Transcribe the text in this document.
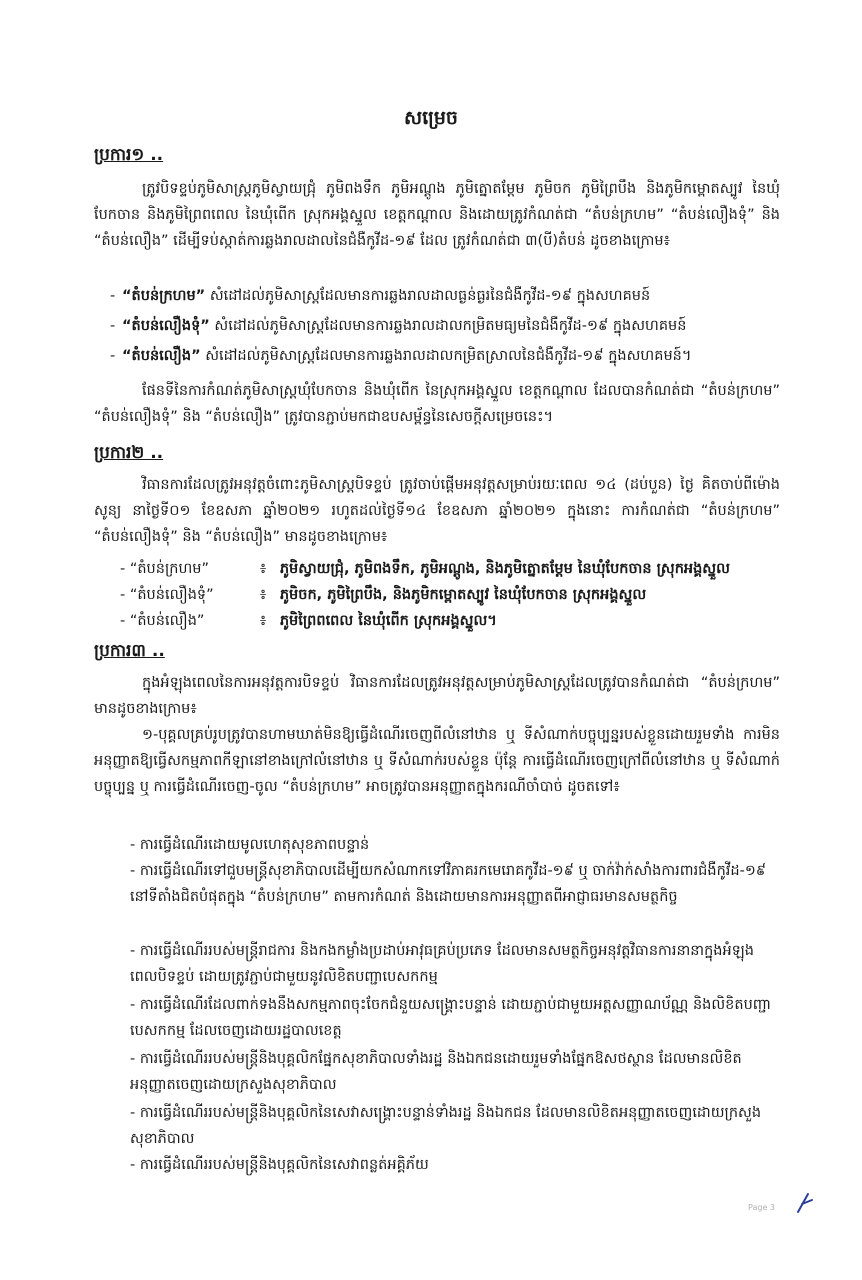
សម្រេច
ប្រការ១ ..
ត្រូវបិទខ្ទប់ភូមិសាស្ត្រភូមិស្វាយជ្រុំ ភូមិពងទឹក ភូមិអណ្ដូង ភូមិត្នោតម្ដែម ភូមិចក ភូមិព្រៃបឹង និងភូមិកម្ពោតស្បូវ នៃឃុំបែកចាន និងភូមិព្រៃពពេល នៃឃុំពើក ស្រុកអង្គស្នួល ខេត្តកណ្ដាល និងដោយត្រូវកំណត់ជា “តំបន់ក្រហម” “តំបន់លឿងទុំ” និង “តំបន់លឿង” ដើម្បីទប់ស្កាត់ការឆ្លងរាលដាលនៃជំងឺកូវីដ-១៩ ដែល ត្រូវកំណត់ជា ៣(បី)តំបន់ ដូចខាងក្រោម៖
- “តំបន់ក្រហម” សំដៅដល់ភូមិសាស្ត្រដែលមានការឆ្លងរាលដាលធ្ងន់ធ្ងរនៃជំងឺកូវីដ-១៩ ក្នុងសហគមន៍
- “តំបន់លឿងទុំ” សំដៅដល់ភូមិសាស្ត្រដែលមានការឆ្លងរាលដាលកម្រិតមធ្យមនៃជំងឺកូវីដ-១៩ ក្នុងសហគមន៍
- “តំបន់លឿង” សំដៅដល់ភូមិសាស្ត្រដែលមានការឆ្លងរាលដាលកម្រិតស្រាលនៃជំងឺកូវីដ-១៩ ក្នុងសហគមន៍។
ផែនទីនៃការកំណត់ភូមិសាស្ត្រឃុំបែកចាន និងឃុំពើក នៃស្រុកអង្គស្នួល ខេត្តកណ្ដាល ដែលបានកំណត់ជា “តំបន់ក្រហម” “តំបន់លឿងទុំ” និង “តំបន់លឿង” ត្រូវបានភ្ជាប់មកជាឧបសម្ព័ន្ធនៃសេចក្ដីសម្រេចនេះ។
ប្រការ២ ..
វិធានការដែលត្រូវអនុវត្តចំពោះភូមិសាស្ត្របិទខ្ទប់ ត្រូវចាប់ផ្ដើមអនុវត្តសម្រាប់រយៈពេល ១៤ (ដប់បួន) ថ្ងៃ គិតចាប់ពីម៉ោងសូន្យ នាថ្ងៃទី០១ ខែឧសភា ឆ្នាំ២០២១ រហូតដល់ថ្ងៃទី១៤ ខែឧសភា ឆ្នាំ២០២១ ក្នុងនោះ ការកំណត់ជា “តំបន់ក្រហម” “តំបន់លឿងទុំ” និង “តំបន់លឿង” មានដូចខាងក្រោម៖
- “តំបន់ក្រហម”	៖ ភូមិស្វាយជ្រុំ, ភូមិពងទឹក, ភូមិអណ្ដូង, និងភូមិត្នោតម្ដែម នៃឃុំបែកចាន ស្រុកអង្គស្នួល
- “តំបន់លឿងទុំ”	៖ ភូមិចក, ភូមិព្រៃបឹង, និងភូមិកម្ពោតស្បូវ នៃឃុំបែកចាន ស្រុកអង្គស្នួល
- “តំបន់លឿង”	៖ ភូមិព្រៃពពេល នៃឃុំពើក ស្រុកអង្គស្នួល។
ប្រការ៣ ..
ក្នុងអំឡុងពេលនៃការអនុវត្តការបិទខ្ទប់ វិធានការដែលត្រូវអនុវត្តសម្រាប់ភូមិសាស្ត្រដែលត្រូវបានកំណត់ជា “តំបន់ក្រហម” មានដូចខាងក្រោម៖
១-បុគ្គលគ្រប់រូបត្រូវបានហាមឃាត់មិនឱ្យធ្វើដំណើរចេញពីលំនៅឋាន ឬ ទីសំណាក់បច្ចុប្បន្នរបស់ខ្លួនដោយរួមទាំង ការមិនអនុញ្ញាតឱ្យធ្វើសកម្មភាពកីឡានៅខាងក្រៅលំនៅឋាន ឬ ទីសំណាក់របស់ខ្លួន ប៉ុន្តែ ការធ្វើដំណើរចេញក្រៅពីលំនៅឋាន ឬ ទីសំណាក់បច្ចុប្បន្ន ឬ ការធ្វើដំណើរចេញ-ចូល “តំបន់ក្រហម” អាចត្រូវបានអនុញ្ញាតក្នុងករណីចាំបាច់ ដូចតទៅ៖
- ការធ្វើដំណើរដោយមូលហេតុសុខភាពបន្ទាន់
- ការធ្វើដំណើរទៅជួបមន្ត្រីសុខាភិបាលដើម្បីយកសំណាកទៅវិភាគរកមេរោគកូវីដ-១៩ ឬ ចាក់វ៉ាក់សាំងការពារជំងឺកូវីដ-១៩ នៅទីតាំងជិតបំផុតក្នុង “តំបន់ក្រហម” តាមការកំណត់ និងដោយមានការអនុញ្ញាតពីអាជ្ញាធរមានសមត្ថកិច្ច
- ការធ្វើដំណើររបស់មន្ត្រីរាជការ និងកងកម្លាំងប្រដាប់អាវុធគ្រប់ប្រភេទ ដែលមានសមត្ថកិច្ចអនុវត្តវិធានការនានាក្នុងអំឡុងពេលបិទខ្ទប់ ដោយត្រូវភ្ជាប់ជាមួយនូវលិខិតបញ្ជាបេសកកម្ម
- ការធ្វើដំណើរដែលពាក់ទងនឹងសកម្មភាពចុះចែកជំនួយសង្គ្រោះបន្ទាន់ ដោយភ្ជាប់ជាមួយអត្តសញ្ញាណប័ណ្ណ និងលិខិតបញ្ជាបេសកកម្ម ដែលចេញដោយរដ្ឋបាលខេត្ត
- ការធ្វើដំណើររបស់មន្ត្រីនិងបុគ្គលិកផ្នែកសុខាភិបាលទាំងរដ្ឋ និងឯកជនដោយរួមទាំងផ្នែកឱសថស្ថាន ដែលមានលិខិតអនុញ្ញាតចេញដោយក្រសួងសុខាភិបាល
- ការធ្វើដំណើររបស់មន្ត្រីនិងបុគ្គលិកនៃសេវាសង្គ្រោះបន្ទាន់ទាំងរដ្ឋ និងឯកជន ដែលមានលិខិតអនុញ្ញាតចេញដោយក្រសួងសុខាភិបាល
- ការធ្វើដំណើររបស់មន្ត្រីនិងបុគ្គលិកនៃសេវាពន្លត់អគ្គិភ័យ
Page 3
